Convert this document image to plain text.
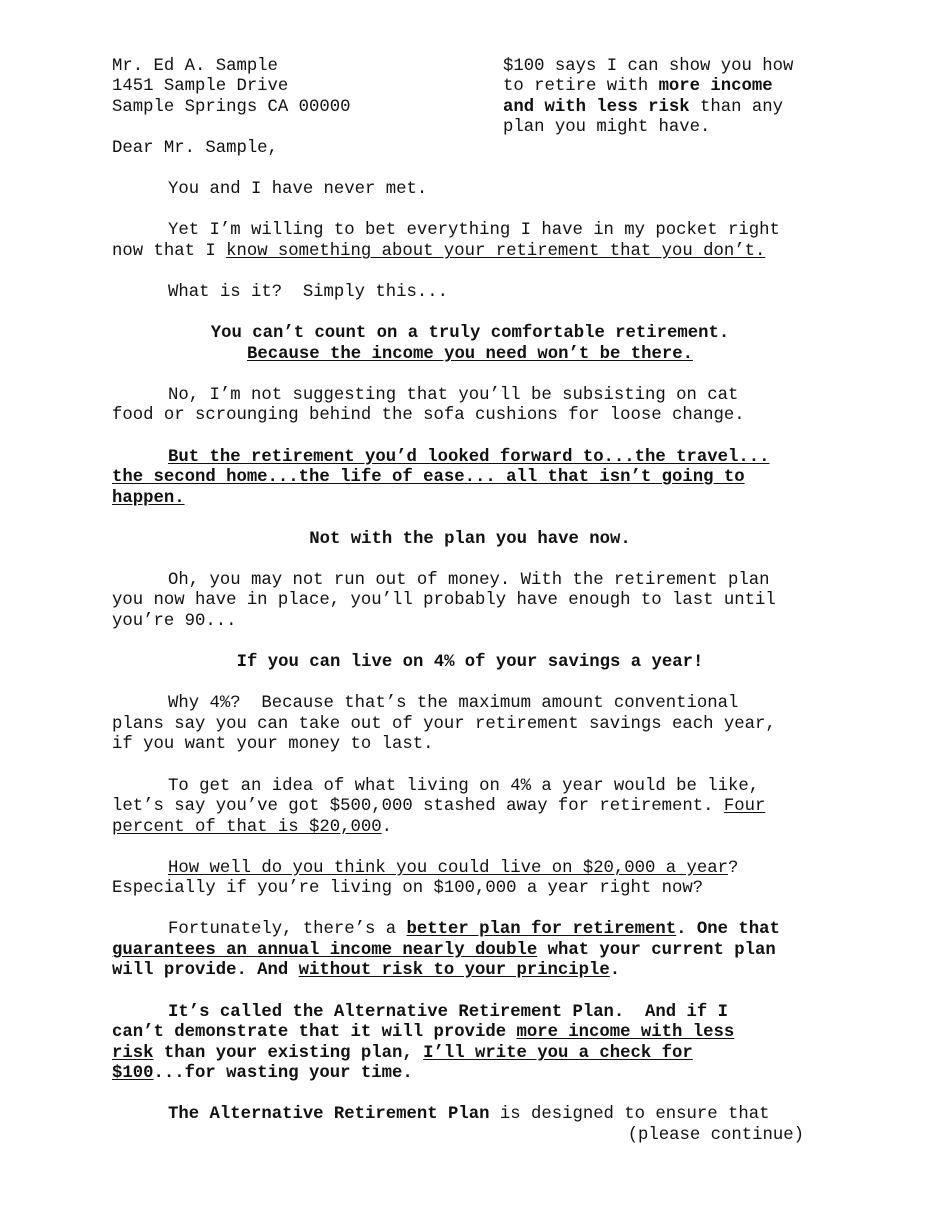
Mr. Ed A. Sample
1451 Sample Drive
Sample Springs CA 00000
$100 says I can show you how
to retire with more income
and with less risk than any
plan you might have.
Dear Mr. Sample,
You and I have never met.
Yet I’m willing to bet everything I have in my pocket right
now that I know something about your retirement that you don’t.
What is it?  Simply this...
You can’t count on a truly comfortable retirement.
Because the income you need won’t be there.
No, I’m not suggesting that you’ll be subsisting on cat
food or scrounging behind the sofa cushions for loose change.
But the retirement you’d looked forward to...the travel...
the second home...the life of ease... all that isn’t going to
happen.
Not with the plan you have now.
Oh, you may not run out of money. With the retirement plan
you now have in place, you’ll probably have enough to last until
you’re 90...
If you can live on 4% of your savings a year!
Why 4%?  Because that’s the maximum amount conventional
plans say you can take out of your retirement savings each year,
if you want your money to last.
To get an idea of what living on 4% a year would be like,
let’s say you’ve got $500,000 stashed away for retirement. Four
percent of that is $20,000.
How well do you think you could live on $20,000 a year?
Especially if you’re living on $100,000 a year right now?
Fortunately, there’s a better plan for retirement. One that
guarantees an annual income nearly double what your current plan
will provide. And without risk to your principle.
It’s called the Alternative Retirement Plan.  And if I
can’t demonstrate that it will provide more income with less
risk than your existing plan, I’ll write you a check for
$100...for wasting your time.
The Alternative Retirement Plan is designed to ensure that
(please continue)
